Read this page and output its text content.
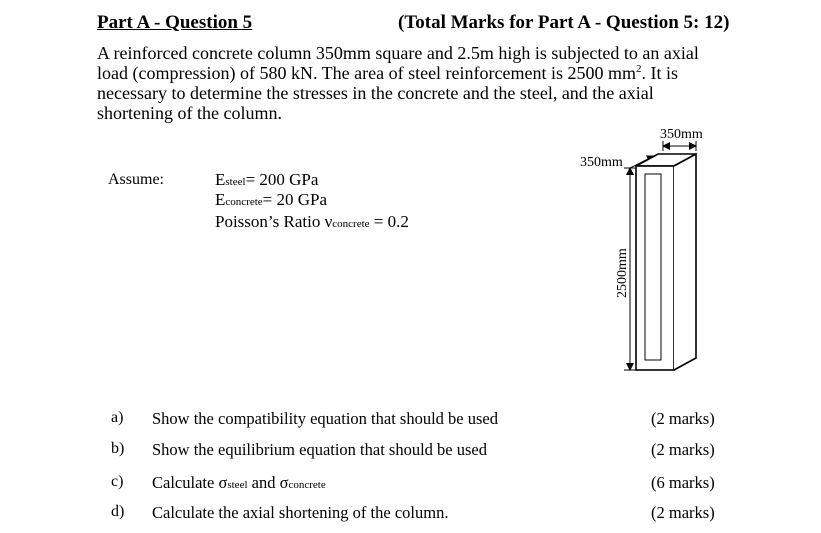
Part A - Question 5	(Total Marks for Part A - Question 5: 12)
A reinforced concrete column 350mm square and 2.5m high is subjected to an axial
load (compression) of 580 kN. The area of steel reinforcement is 2500 $mm^2$. It is
necessary to determine the stresses in the concrete and the steel, and the axial
shortening of the column.
Assume:	Esteel= 200 GPa
Econcrete= 20 GPa
Poisson’s Ratio νconcrete = 0.2
350mm
350mm
2500mm
a) Show the compatibility equation that should be used	(2 marks)
b) Show the equilibrium equation that should be used	(2 marks)
c) Calculate σsteel and σconcrete	(6 marks)
d) Calculate the axial shortening of the column.	(2 marks)
